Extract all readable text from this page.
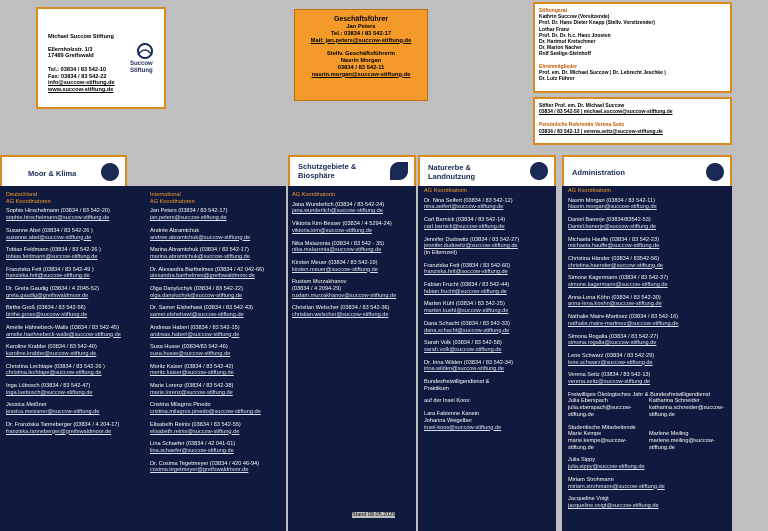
Michael Succow Stiftung
Ellernholzstr. 1/3
17489 Greifswald

Tel.: 03834 / 83 542-10
Fax: 03834 / 83 542-22
info@succow-stiftung.de
www.succow-stiftung.de
Succow
Stiftung
Geschäftsführer
Jan Peters
Tel.: 03834 / 83 542-17
Mail: jan.peters@succow-stiftung.de

Stellv. Geschäftsführerin
Nasrin Morgan
03834 / 83 542-11
nasrin.morgan@succow-stiftung.de
Stiftungsrat
Kathrin Succow (Vorsitzende)
Prof. Dr. Hans Dieter Knapp (Stellv. Vorsitzender)
Lothar Franz
Prof. Dr. Dr. h.c. Hans Joosten
Dr. Hartmut Kretschmer
Dr. Marion Nacher
Rolf Seelige-Steinhoff

Ehrenmitglieder
Prof. em. Dr. Michael Succow | Dr. Lebrecht Jeschke |
Dr. Lutz Führer
Stifter Prof. em. Dr. Michael Succow
03834 / 83 542-50 | michael.succow@succow-stiftung.de

Persönliche Referentin Verena Seitz
03834 / 83 542-13 | verena.seitz@succow-stiftung.de
Moor & Klima
Schutzgebiete &
Biosphäre
Naturerbe &
Landnutzung	Administration
Deutschland
AG Koordinatoren
Sophie Hirschelmann (03834 / 83 542-20)
sophie.hirschelmann@succow-stiftung.de
Susanne Abel (03834 / 83 542-26 )
susanne.abel@succow-stiftung.de
Tobias Feldmann (03834 / 83 542-26 )
tobias.feldmann@succow-stiftung.de
Franziska Fett (03834 / 83 542-49 )
franziska.fett@succow-stiftung.de
Dr. Greta Gaudig (03834 / 4 2045-52)
greta.gaudig@greifswaldmoor.de
Birthe Groß (03834 / 83 542-56)
birthe.gross@succow-stiftung.de
Amelie Hähnebeck-Walls (03834 / 83 542-45)
amelie.haehnebeck-walls@succow-stiftung.de
Karoline Krabbe (03834 / 83 542-40)
karoline.krabbe@succow-stiftung.de
Christina Lechtape (03834 / 83 542-26 )
christina.lechtape@succow-stiftung.de
Inga Lübosch (03834 / 83 542-47)
inga.luebosch@succow-stiftung.de
Jessica Meißner
jessica.meissner@succow-stiftung.de
Dr. Franziska Tanneberger (03834 / 4 204-17)
franziska.tanneberger@greifswaldmoor.de
International
AG Koordinatoren
Jan Peters (03834 / 83 542-17)
jan.peters@succow-stiftung.de
Andrée Abramtchuk
andree.abramtchuk@succow-stiftung.de
Marina Abramtchuk (03834 / 83 542-17)
marina.abramtchuk@succow-stiftung.de
Dr. Alexandra Barthelmes (03834 / 42 042-66)
alexandra.barthelmes@greifswaldmoor.de
Olga Danyluchyk (03834 / 83 542-22)
olga.danyluchyk@succow-stiftung.de
Dr. Samer Elshehawi (03834 / 83 542-43)
samer.elshehawi@succow-stiftung.de
Andreas Haberl (03834 / 83 542-15)
andreas.haberl@succow-stiftung.de
Susa Husse (03834/83 542-46)
susa.husse@succow-stiftung.de
Moritz Kaiser (03834 / 83 542-42)
moritz.kaiser@succow-stiftung.de
Marie Lorenz (03834 / 83 542-38)
marie.lorenz@succow-stiftung.de
Cristina Milagros Pinedo
cristina.milagros.pinedo@succow-stiftung.de
Elisabeth Reinis (03834 / 83 542-55)
elisabeth.reinis@succow-stiftung.de
Lina Schaefer (03834 / 42 041-61)
lina.schaefer@succow-stiftung.de
Dr. Cosima Tegetmeyer (03834 / 420 46-94)
cosima.tegetmeyer@greifswaldmoor.de
AG Koordinatorin
Jana Wunderlich (03834 / 83 542-24)
jana.wunderlich@succow-stiftung.de
Viktoria Kim-Besser (03834 / 4 5294-24)
viktoria.kim@succow-stiftung.de
Nika Malazonia (03834 / 83 542 - 35)
nika.malazonia@succow-stiftung.de
Kirsten Meuer (03834 / 83 542-19)
kirsten.meuer@succow-stiftung.de
Rustam Murzakhanov
(03834 / 4 2094-29)
rustam.murzakhanov@succow-stiftung.de
Christian Welscher (03834 / 83 542-36)
christian.welscher@succow-stiftung.de
AG Koordinatorin
Dr. Nina Seifert (03834 / 83 542-12)
nina.seifert@succow-stiftung.de
Carl Barnick (03834 / 83 542-14)
carl.barnick@succow-stiftung.de
Jennifer Dudowitz (03834 / 83 542-27)
jennifer.dudowitz@succow-stiftung.de
(in Elternzeit)
Franziska Fett (03834 / 83 542-60)
franziska.fett@succow-stiftung.de
Fabian Frucht (03834 / 83 542-44)
fabian.frucht@succow-stiftung.de
Marten Kühl (03834 / 83 542-25)
marten.kuehl@succow-stiftung.de
Dana Schacht (03834 / 83 542-33)
dana.schacht@succow-stiftung.de
Sarah Volk (03834 / 83 542-58)
sarah.volk@succow-stiftung.de
Dr. Irina Wilden (03834 / 83 542-34)
irina.wilden@succow-stiftung.de
Bundesfreiwilligendienst &
Praktikum
auf der Insel Koos:
Lara Fabienne Kanein
Johanna Weigelber
insel-koos@succow-stiftung.de
AG Koordinatorin
Nasrin Morgan (03834 / 83 542-11)
Nasrin.morgan@succow-stiftung.de
Daniel Banerje (03834/83542-53)
Daniel.banerje@succow-stiftung.de
Michaela Hauffe (03834 / 83 542-23)
michaela.hauffe@succow-stiftung.de
Christina Händer (03834 / 83542-56)
christina.haender@succow-stiftung.de
Simone Kagermann (03834 / 83 542-37)
simone.kagermann@succow-stiftung.de
Anna-Lena Köhn (03834 / 83 542-30)
anna-lena.koehn@succow-stiftung.de
Nathalie Maire-Martinez (03834 / 83 542-16)
nathalie.maire-martinez@succow-stiftung.de
Simona Rogalla (03834 / 83 542-27)
simona.rogalla@succow-stiftung.de
Lene Schwarz (03834 / 83 542-29)
lene.schwarz@succow-stiftung.de
Verena Seitz (03834 / 83 542-13)
verena.seitz@succow-stiftung.de
Freiwilliges Ökologisches Jahr & Bundesfreiwilligendienst
Julia Eberspach
julia.eberspach@succow-stiftung.de
Katharina Schneider
katharina.schneider@succow-stiftung.de
Studentische Mitarbeitende
Marie Kempe
marie.kempe@succow-stiftung.de
Marlene Meiling
marlene.meiling@succow-stiftung.de
Julia Sippy
julia.sippy@succow-stiftung.de
Miriam Strohmann
miriam.strohmann@succow-stiftung.de
Jacqueline Voigt
jacqueline.voigt@succow-stiftung.de
Stand 08.05.2025
